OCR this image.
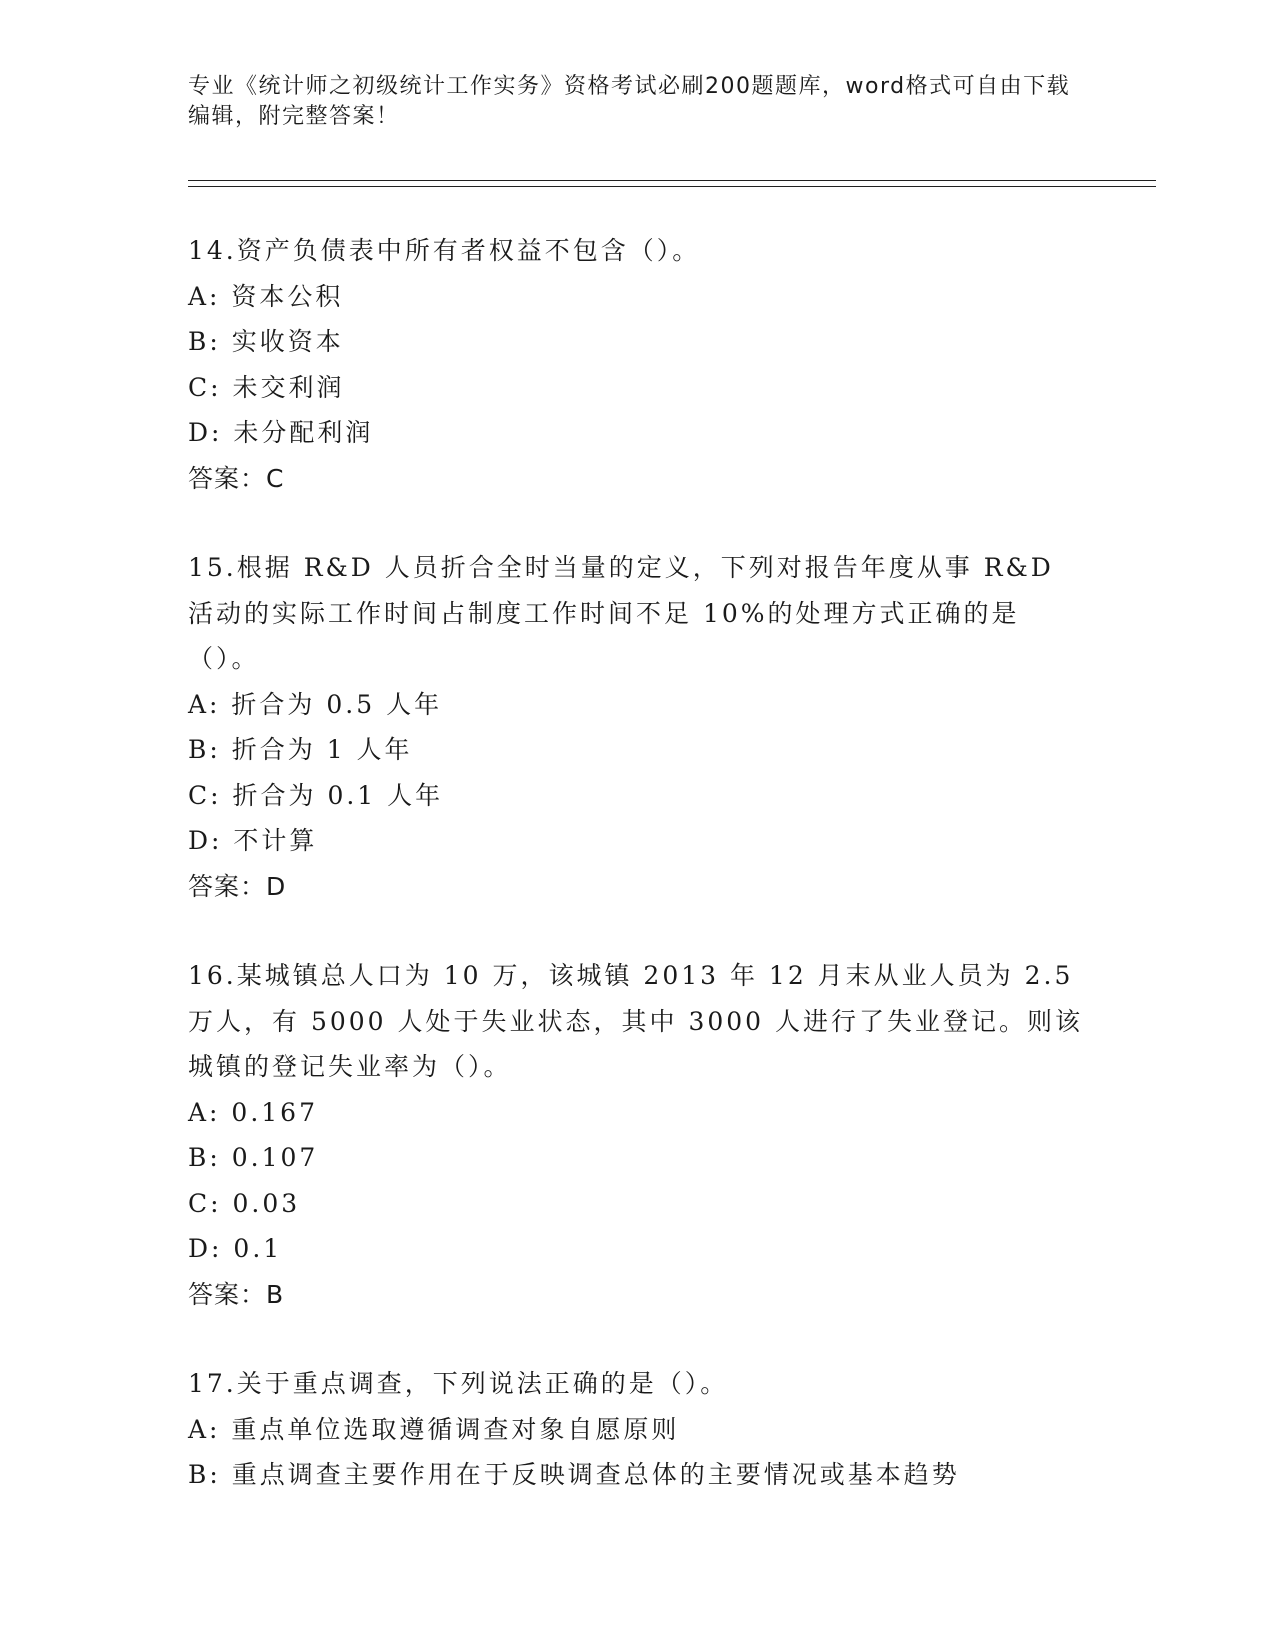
专业《统计师之初级统计工作实务》资格考试必刷200题题库，word格式可自由下载编辑，附完整答案！

14.资产负债表中所有者权益不包含（）。

A: 资本公积

B: 实收资本

C: 未交利润

D: 未分配利润

答案：C

15.根据 R&D 人员折合全时当量的定义，下列对报告年度从事 R&D 活动的实际工作时间占制度工作时间不足 10%的处理方式正确的是（）。

A: 折合为 0.5 人年

B: 折合为 1 人年

C: 折合为 0.1 人年

D: 不计算

答案：D

16.某城镇总人口为 10 万，该城镇 2013 年 12 月末从业人员为 2.5 万人，有 5000 人处于失业状态，其中 3000 人进行了失业登记。则该城镇的登记失业率为（）。

A: 0.167

B: 0.107

C: 0.03

D: 0.1

答案：B

17.关于重点调查，下列说法正确的是（）。

A: 重点单位选取遵循调查对象自愿原则

B: 重点调查主要作用在于反映调查总体的主要情况或基本趋势
